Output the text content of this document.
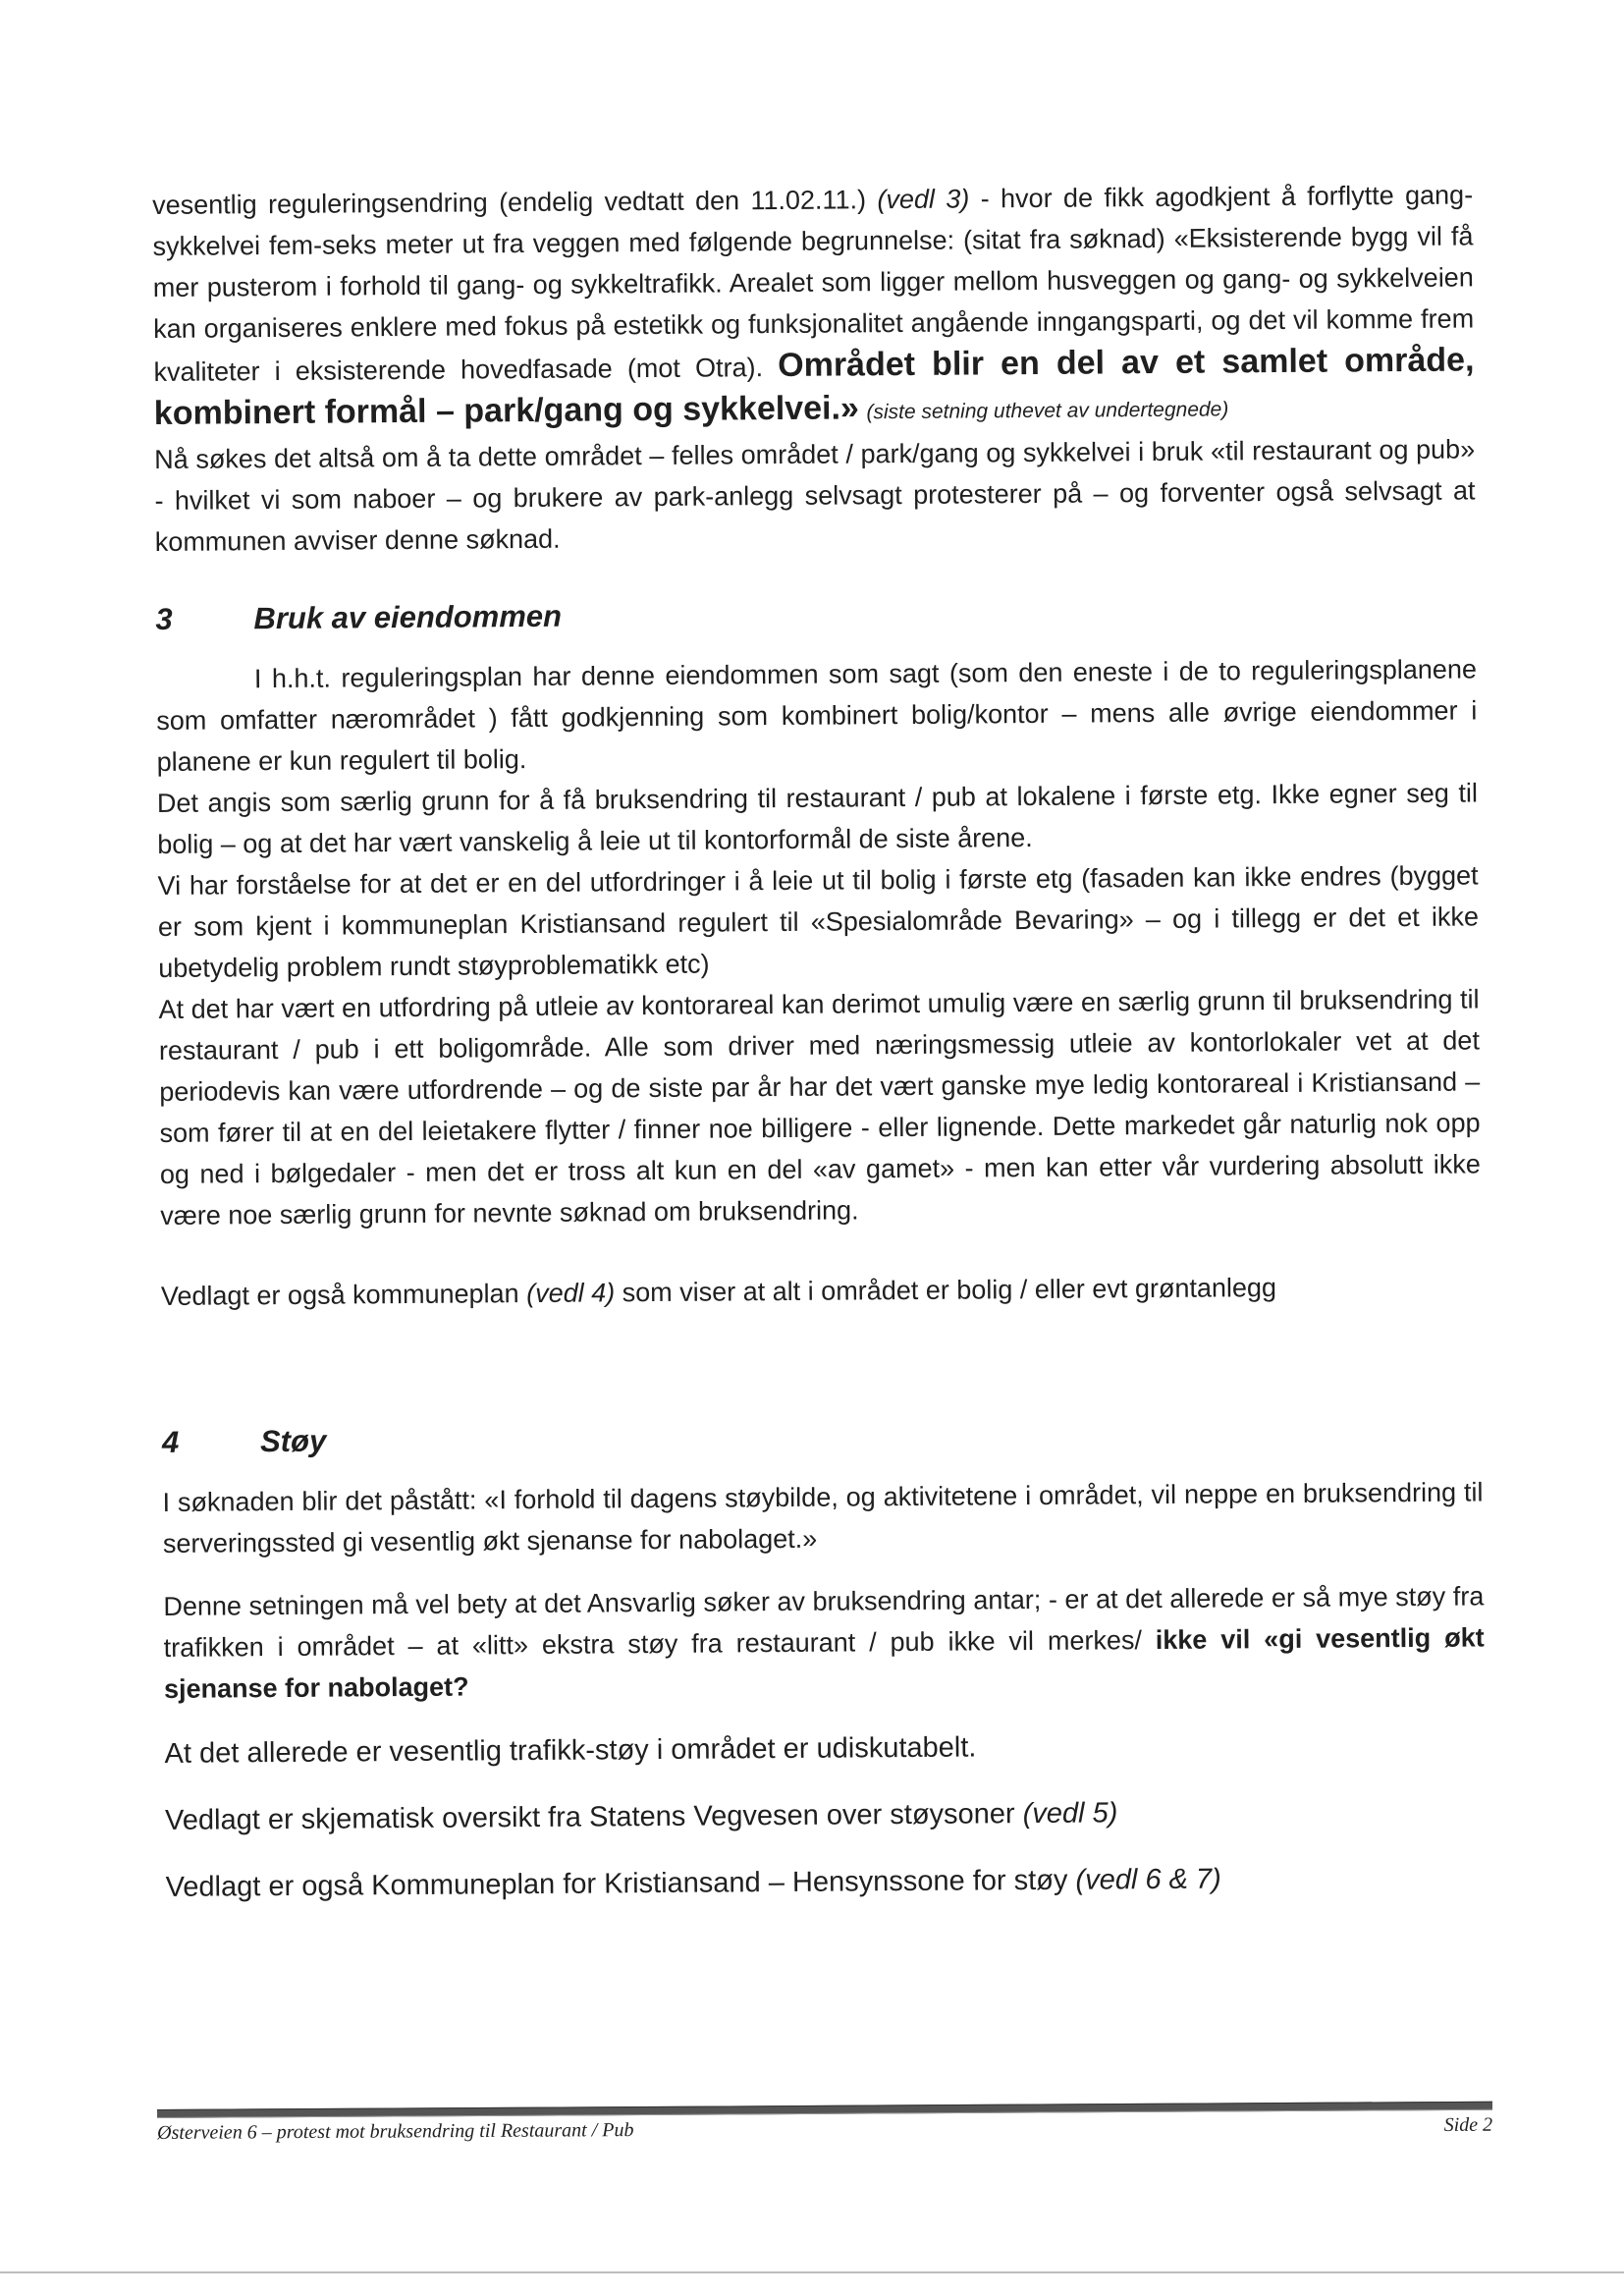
vesentlig reguleringsendring (endelig vedtatt den 11.02.11.) (vedl 3) - hvor de fikk agodkjent å forflytte gang-sykkelvei fem-seks meter ut fra veggen med følgende begrunnelse: (sitat fra søknad) «Eksisterende bygg vil få mer pusterom i forhold til gang- og sykkeltrafikk. Arealet som ligger mellom husveggen og gang- og sykkelveien kan organiseres enklere med fokus på estetikk og funksjonalitet angående inngangsparti, og det vil komme frem kvaliteter i eksisterende hovedfasade (mot Otra). Området blir en del av et samlet område, kombinert formål – park/gang og sykkelvei.» (siste setning uthevet av undertegnede)

Nå søkes det altså om å ta dette området – felles området / park/gang og sykkelvei i bruk «til restaurant og pub» - hvilket vi som naboer – og brukere av park-anlegg selvsagt protesterer på – og forventer også selvsagt at kommunen avviser denne søknad.

3	Bruk av eiendommen

I h.h.t. reguleringsplan har denne eiendommen som sagt (som den eneste i de to reguleringsplanene som omfatter nærområdet ) fått godkjenning som kombinert bolig/kontor – mens alle øvrige eiendommer i planene er kun regulert til bolig.

Det angis som særlig grunn for å få bruksendring til restaurant / pub at lokalene i første etg. Ikke egner seg til bolig – og at det har vært vanskelig å leie ut til kontorformål de siste årene.

Vi har forståelse for at det er en del utfordringer i å leie ut til bolig i første etg (fasaden kan ikke endres (bygget er som kjent i kommuneplan Kristiansand regulert til «Spesialområde Bevaring» – og i tillegg er det et ikke ubetydelig problem rundt støyproblematikk etc)

At det har vært en utfordring på utleie av kontorareal kan derimot umulig være en særlig grunn til bruksendring til restaurant / pub i ett boligområde. Alle som driver med næringsmessig utleie av kontorlokaler vet at det periodevis kan være utfordrende – og de siste par år har det vært ganske mye ledig kontorareal i Kristiansand – som fører til at en del leietakere flytter / finner noe billigere - eller lignende. Dette markedet går naturlig nok opp og ned i bølgedaler - men det er tross alt kun en del «av gamet» - men kan etter vår vurdering absolutt ikke være noe særlig grunn for nevnte søknad om bruksendring.

Vedlagt er også kommuneplan (vedl 4) som viser at alt i området er bolig / eller evt grøntanlegg

4	Støy

I søknaden blir det påstått: «I forhold til dagens støybilde, og aktivitetene i området, vil neppe en bruksendring til serveringssted gi vesentlig økt sjenanse for nabolaget.»

Denne setningen må vel bety at det Ansvarlig søker av bruksendring antar; - er at det allerede er så mye støy fra trafikken i området – at «litt» ekstra støy fra restaurant / pub ikke vil merkes/ ikke vil «gi vesentlig økt sjenanse for nabolaget?

At det allerede er vesentlig trafikk-støy i området er udiskutabelt.

Vedlagt er skjematisk oversikt fra Statens Vegvesen over støysoner (vedl 5)

Vedlagt er også Kommuneplan for Kristiansand – Hensynssone for støy (vedl 6 & 7)

Østerveien 6 – protest mot bruksendring til Restaurant / Pub	Side 2
